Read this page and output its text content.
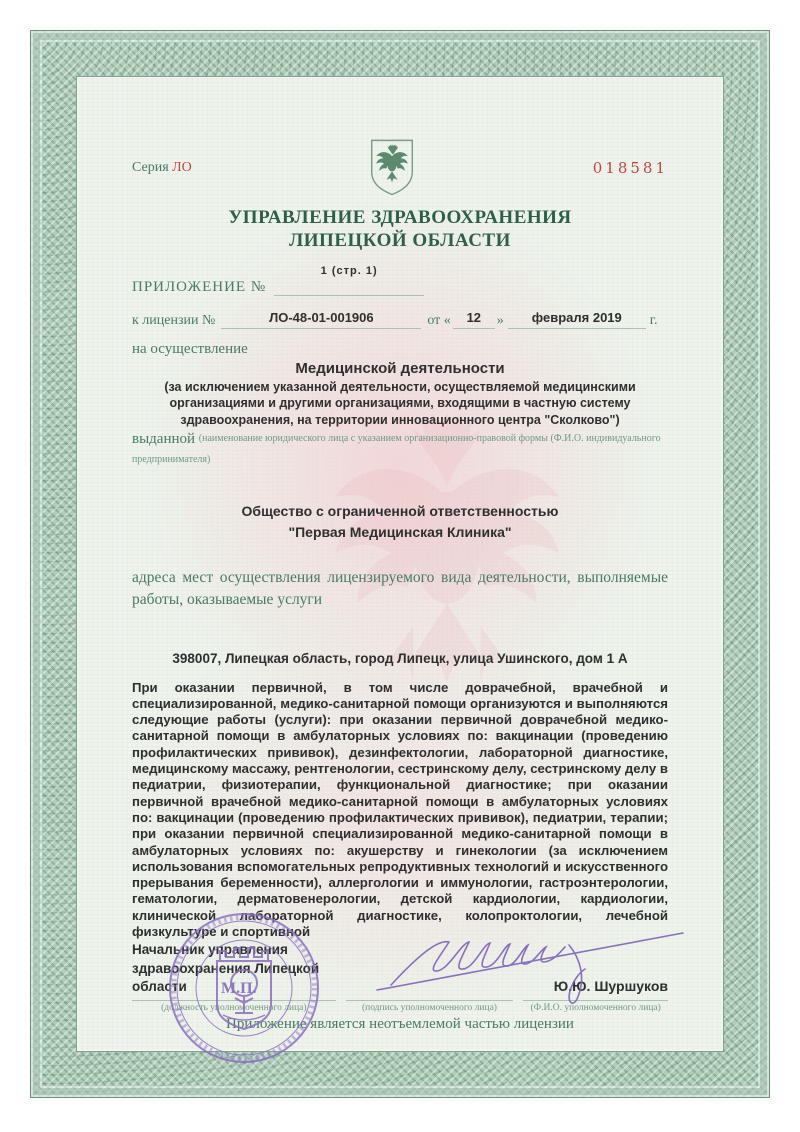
Серия ЛО	018581
УПРАВЛЕНИЕ ЗДРАВООХРАНЕНИЯ
ЛИПЕЦКОЙ ОБЛАСТИ
ПРИЛОЖЕНИЕ №
1 (стр. 1)
к лицензии №	ЛО-48-01-001906	от «	12	»	февраля 2019	г.
на осуществление
Медицинской деятельности
(за исключением указанной деятельности, осуществляемой медицинскими организациями и другими организациями, входящими в частную систему здравоохранения, на территории инновационного центра "Сколково")
выданной (наименование юридического лица с указанием организационно-правовой формы (Ф.И.О. индивидуального предпринимателя)
Общество с ограниченной ответственностью
"Первая Медицинская Клиника"
адреса мест осуществления лицензируемого вида деятельности, выполняемые работы, оказываемые услуги
398007, Липецкая область, город Липецк, улица Ушинского, дом 1 А
При оказании первичной, в том числе доврачебной, врачебной и специализированной, медико-санитарной помощи организуются и выполняются следующие работы (услуги): при оказании первичной доврачебной медико-санитарной помощи в амбулаторных условиях по: вакцинации (проведению профилактических прививок), дезинфектологии, лабораторной диагностике, медицинскому массажу, рентгенологии, сестринскому делу, сестринскому делу в педиатрии, физиотерапии, функциональной диагностике; при оказании первичной врачебной медико-санитарной помощи в амбулаторных условиях по: вакцинации (проведению профилактических прививок), педиатрии, терапии; при оказании первичной специализированной медико-санитарной помощи в амбулаторных условиях по: акушерству и гинекологии (за исключением использования вспомогательных репродуктивных технологий и искусственного прерывания беременности), аллергологии и иммунологии, гастроэнтерологии, гематологии, дерматовенерологии, детской кардиологии, кардиологии, клинической лабораторной диагностике, колопроктологии, лечебной физкультуре и спортивной
Начальник управления
здравоохранения Липецкой
области	Ю.Ю. Шуршуков
(должность уполномоченного лица)	(подпись уполномоченного лица)	(Ф.И.О. уполномоченного лица)
Приложение является неотъемлемой частью лицензии
М.П.
